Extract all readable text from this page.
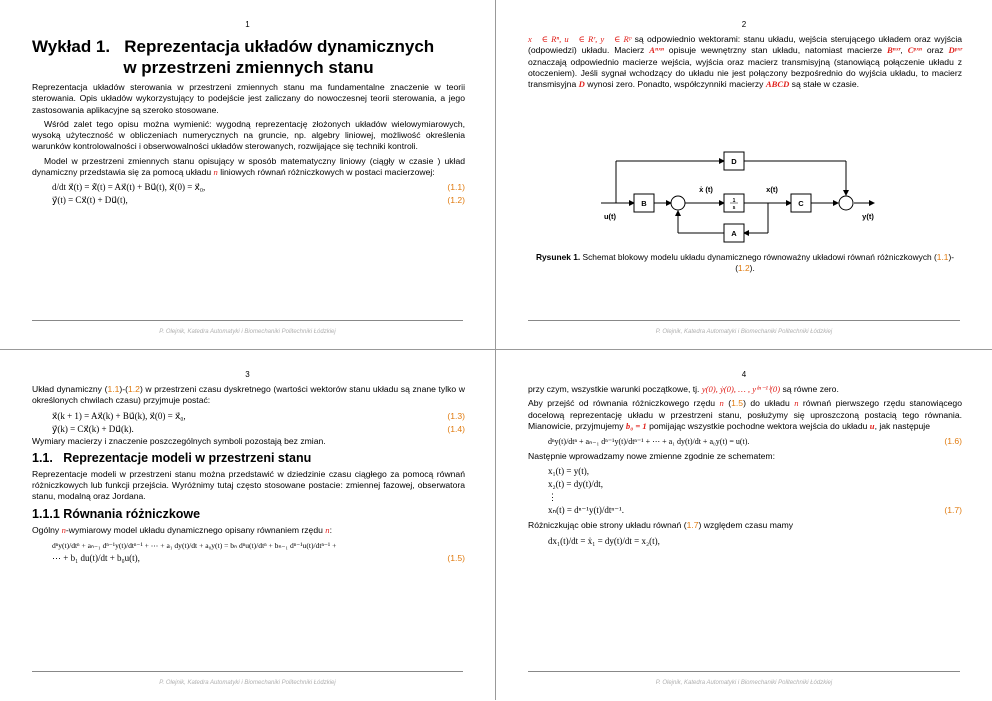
1
Wykład 1.   Reprezentacja układów dynamicznych
w przestrzeni zmiennych stanu

Reprezentacja układów sterowania w przestrzeni zmiennych stanu ma fundamentalne znaczenie w teorii sterowania. Opis układów wykorzystujący to podejście jest zaliczany do nowoczesnej teorii sterowania, a jego zastosowania aplikacyjne są szeroko stosowane.

Wśród zalet tego opisu można wymienić: wygodną reprezentację złożonych układów wielowymiarowych, wysoką użyteczność w obliczeniach numerycznych na gruncie, np. algebry liniowej, możliwość określenia warunków kontrolowalności i obserwowalności układów sterowanych, rozwijające się techniki kontroli.

Model w przestrzeni zmiennych stanu opisujący w sposób matematyczny liniowy (ciągły w czasie ) układ dynamiczny przedstawia się za pomocą układu n liniowych równań różniczkowych w postaci macierzowej:

d/dt x⃗(t) = ẋ⃗(t) = Ax⃗(t) + Bu⃗(t), x⃗(0) = x⃗₀,	(1.1)
y⃗(t) = Cx⃗(t) + Du⃗(t),	(1.2)
P. Olejnik, Katedra Automatyki i Biomechaniki Politechniki Łódzkiej
2

x⃗ ∈ Rⁿ, u⃗ ∈ Rʳ, y⃗ ∈ Rᵖ są odpowiednio wektorami: stanu układu, wejścia sterującego układem oraz wyjścia (odpowiedzi) układu. Macierz Aⁿˣⁿ opisuje wewnętrzny stan układu, natomiast macierze Bⁿˣʳ, Cᵖˣⁿ oraz Dᵖˣʳ oznaczają odpowiednio macierze wejścia, wyjścia oraz macierz transmisyjną (stanowiącą połączenie układu z otoczeniem). Jeśli sygnał wchodzący do układu nie jest połączony bezpośrednio do wyjścia układu, to macierz transmisyjna D wynosi zero. Ponadto, współczynniki macierzy ABCD są stałe w czasie.

B	1
s	C
A
D
u(t)
ẋ (t)	x(t)
y(t)
Rysunek 1. Schemat blokowy modelu układu dynamicznego równoważny układowi równań różniczkowych (1.1)-(1.2).
P. Olejnik, Katedra Automatyki i Biomechaniki Politechniki Łódzkiej
3

Układ dynamiczny (1.1)-(1.2) w przestrzeni czasu dyskretnego (wartości wektorów stanu układu są znane tylko w określonych chwilach czasu) przyjmuje postać:

x⃗(k + 1) = Ax⃗(k) + Bu⃗(k), x⃗(0) = x⃗₀,	(1.3)
y⃗(k) = Cx⃗(k) + Du⃗(k).	(1.4)

Wymiary macierzy i znaczenie poszczególnych symboli pozostają bez zmian.

1.1. Reprezentacje modeli w przestrzeni stanu

Reprezentacje modeli w przestrzeni stanu można przedstawić w dziedzinie czasu ciągłego za pomocą równań różniczkowych lub funkcji przejścia. Wyróżnimy tutaj często stosowane postacie: zmiennej fazowej, obserwatora stanu, modalną oraz Jordana.

1.1.1 Równania różniczkowe

Ogólny n-wymiarowy model układu dynamicznego opisany równaniem rzędu n:

dⁿy(t)/dtⁿ + aₙ₋₁ dⁿ⁻¹y(t)/dtⁿ⁻¹ + ⋯ + a₁ dy(t)/dt + a₀y(t) = bₙ dⁿu(t)/dtⁿ + bₙ₋₁ dⁿ⁻¹u(t)/dtⁿ⁻¹ +
⋯ + b₁ du(t)/dt + b₀u(t),	(1.5)
P. Olejnik, Katedra Automatyki i Biomechaniki Politechniki Łódzkiej
4

przy czym, wszystkie warunki początkowe, tj. y(0), ẏ(0), … , y⁽ⁿ⁻¹⁾(0) są równe zero.

Aby przejść od równania różniczkowego rzędu n (1.5) do układu n równań pierwszego rzędu stanowiącego docelową reprezentację układu w przestrzeni stanu, posłużymy się uproszczoną postacią tego równania. Mianowicie, przyjmujemy b₀ = 1 pomijając wszystkie pochodne wektora wejścia do układu u, jak następuje

dⁿy(t)/dtⁿ + aₙ₋₁ dⁿ⁻¹y(t)/dtⁿ⁻¹ + ⋯ + a₁ dy(t)/dt + a₀y(t) = u(t).	(1.6)

Następnie wprowadzamy nowe zmienne zgodnie ze schematem:

x₁(t) = y(t),
x₂(t) = dy(t)/dt,
⋮
xₙ(t) = dⁿ⁻¹y(t)/dtⁿ⁻¹.	(1.7)

Różniczkując obie strony układu równań (1.7) względem czasu mamy

dx₁(t)/dt = ẋ₁ = dy(t)/dt = x₂(t),
P. Olejnik, Katedra Automatyki i Biomechaniki Politechniki Łódzkiej
